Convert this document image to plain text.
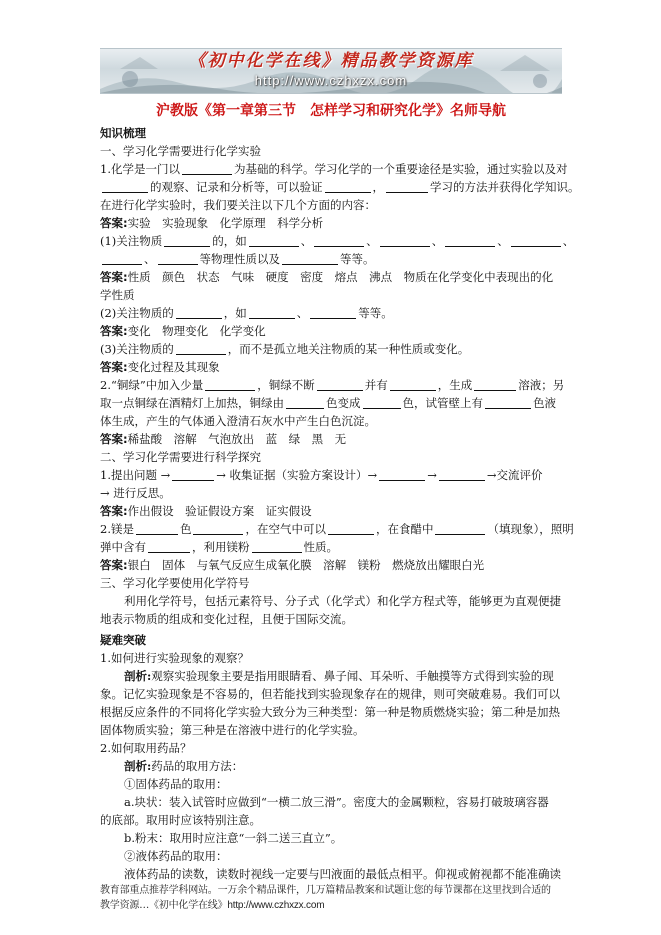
《初中化学在线》精品教学资源库
http://www.czhxzx.com
沪教版《第一章第三节　怎样学习和研究化学》名师导航
知识梳理
一、学习化学需要进行化学实验
1.化学是一门以	为基础的科学。学习化学的一个重要途径是实验，通过实验以及对
的观察、记录和分析等，可以验证	，	学习的方法并获得化学知识。
在进行化学实验时，我们要关注以下几个方面的内容：
答案:实验　实验现象　化学原理　科学分析
(1)关注物质	的，如	、	、	、	、	、
、	等物理性质以及	等等。
答案:性质　颜色　状态　气味　硬度　密度　熔点　沸点　物质在化学变化中表现出的化
学性质
(2)关注物质的	，如	、	等等。
答案:变化　物理变化　化学变化
(3)关注物质的	，而不是孤立地关注物质的某一种性质或变化。
答案:变化过程及其现象
2.“铜绿”中加入少量	，铜绿不断	并有	，生成	溶液；另
取一点铜绿在酒精灯上加热，铜绿由	色变成	色，试管壁上有	色液
体生成，产生的气体通入澄清石灰水中产生白色沉淀。
答案:稀盐酸　溶解　气泡放出　蓝　绿　黑　无
二、学习化学需要进行科学探究
1.提出问题 →	→ 收集证据（实验方案设计）→	→	→交流评价
→ 进行反思。
答案:作出假设　验证假设方案　证实假设
2.镁是	色	，在空气中可以	，在食醋中	（填现象），照明
弹中含有	，利用镁粉	性质。
答案:银白　固体　与氧气反应生成氧化膜　溶解　镁粉　燃烧放出耀眼白光
三、学习化学要使用化学符号
利用化学符号，包括元素符号、分子式（化学式）和化学方程式等，能够更为直观便捷
地表示物质的组成和变化过程，且便于国际交流。
疑难突破
1.如何进行实验现象的观察？
剖析:观察实验现象主要是指用眼睛看、鼻子闻、耳朵听、手触摸等方式得到实验的现
象。记忆实验现象是不容易的，但若能找到实验现象存在的规律，则可突破难易。我们可以
根据反应条件的不同将化学实验大致分为三种类型：第一种是物质燃烧实验；第二种是加热
固体物质实验；第三种是在溶液中进行的化学实验。
2.如何取用药品？
剖析:药品的取用方法：
①固体药品的取用：
a.块状：装入试管时应做到“一横二放三滑”。密度大的金属颗粒，容易打破玻璃容器
的底部。取用时应该特别注意。
b.粉末：取用时应注意“一斜二送三直立”。
②液体药品的取用：
液体药品的读数，读数时视线一定要与凹液面的最低点相平。仰视或俯视都不能准确读
教育部重点推荐学科网站。一万余个精品课件，几万篇精品教案和试题让您的每节课都在这里找到合适的
教学资源…《初中化学在线》http://www.czhxzx.com
